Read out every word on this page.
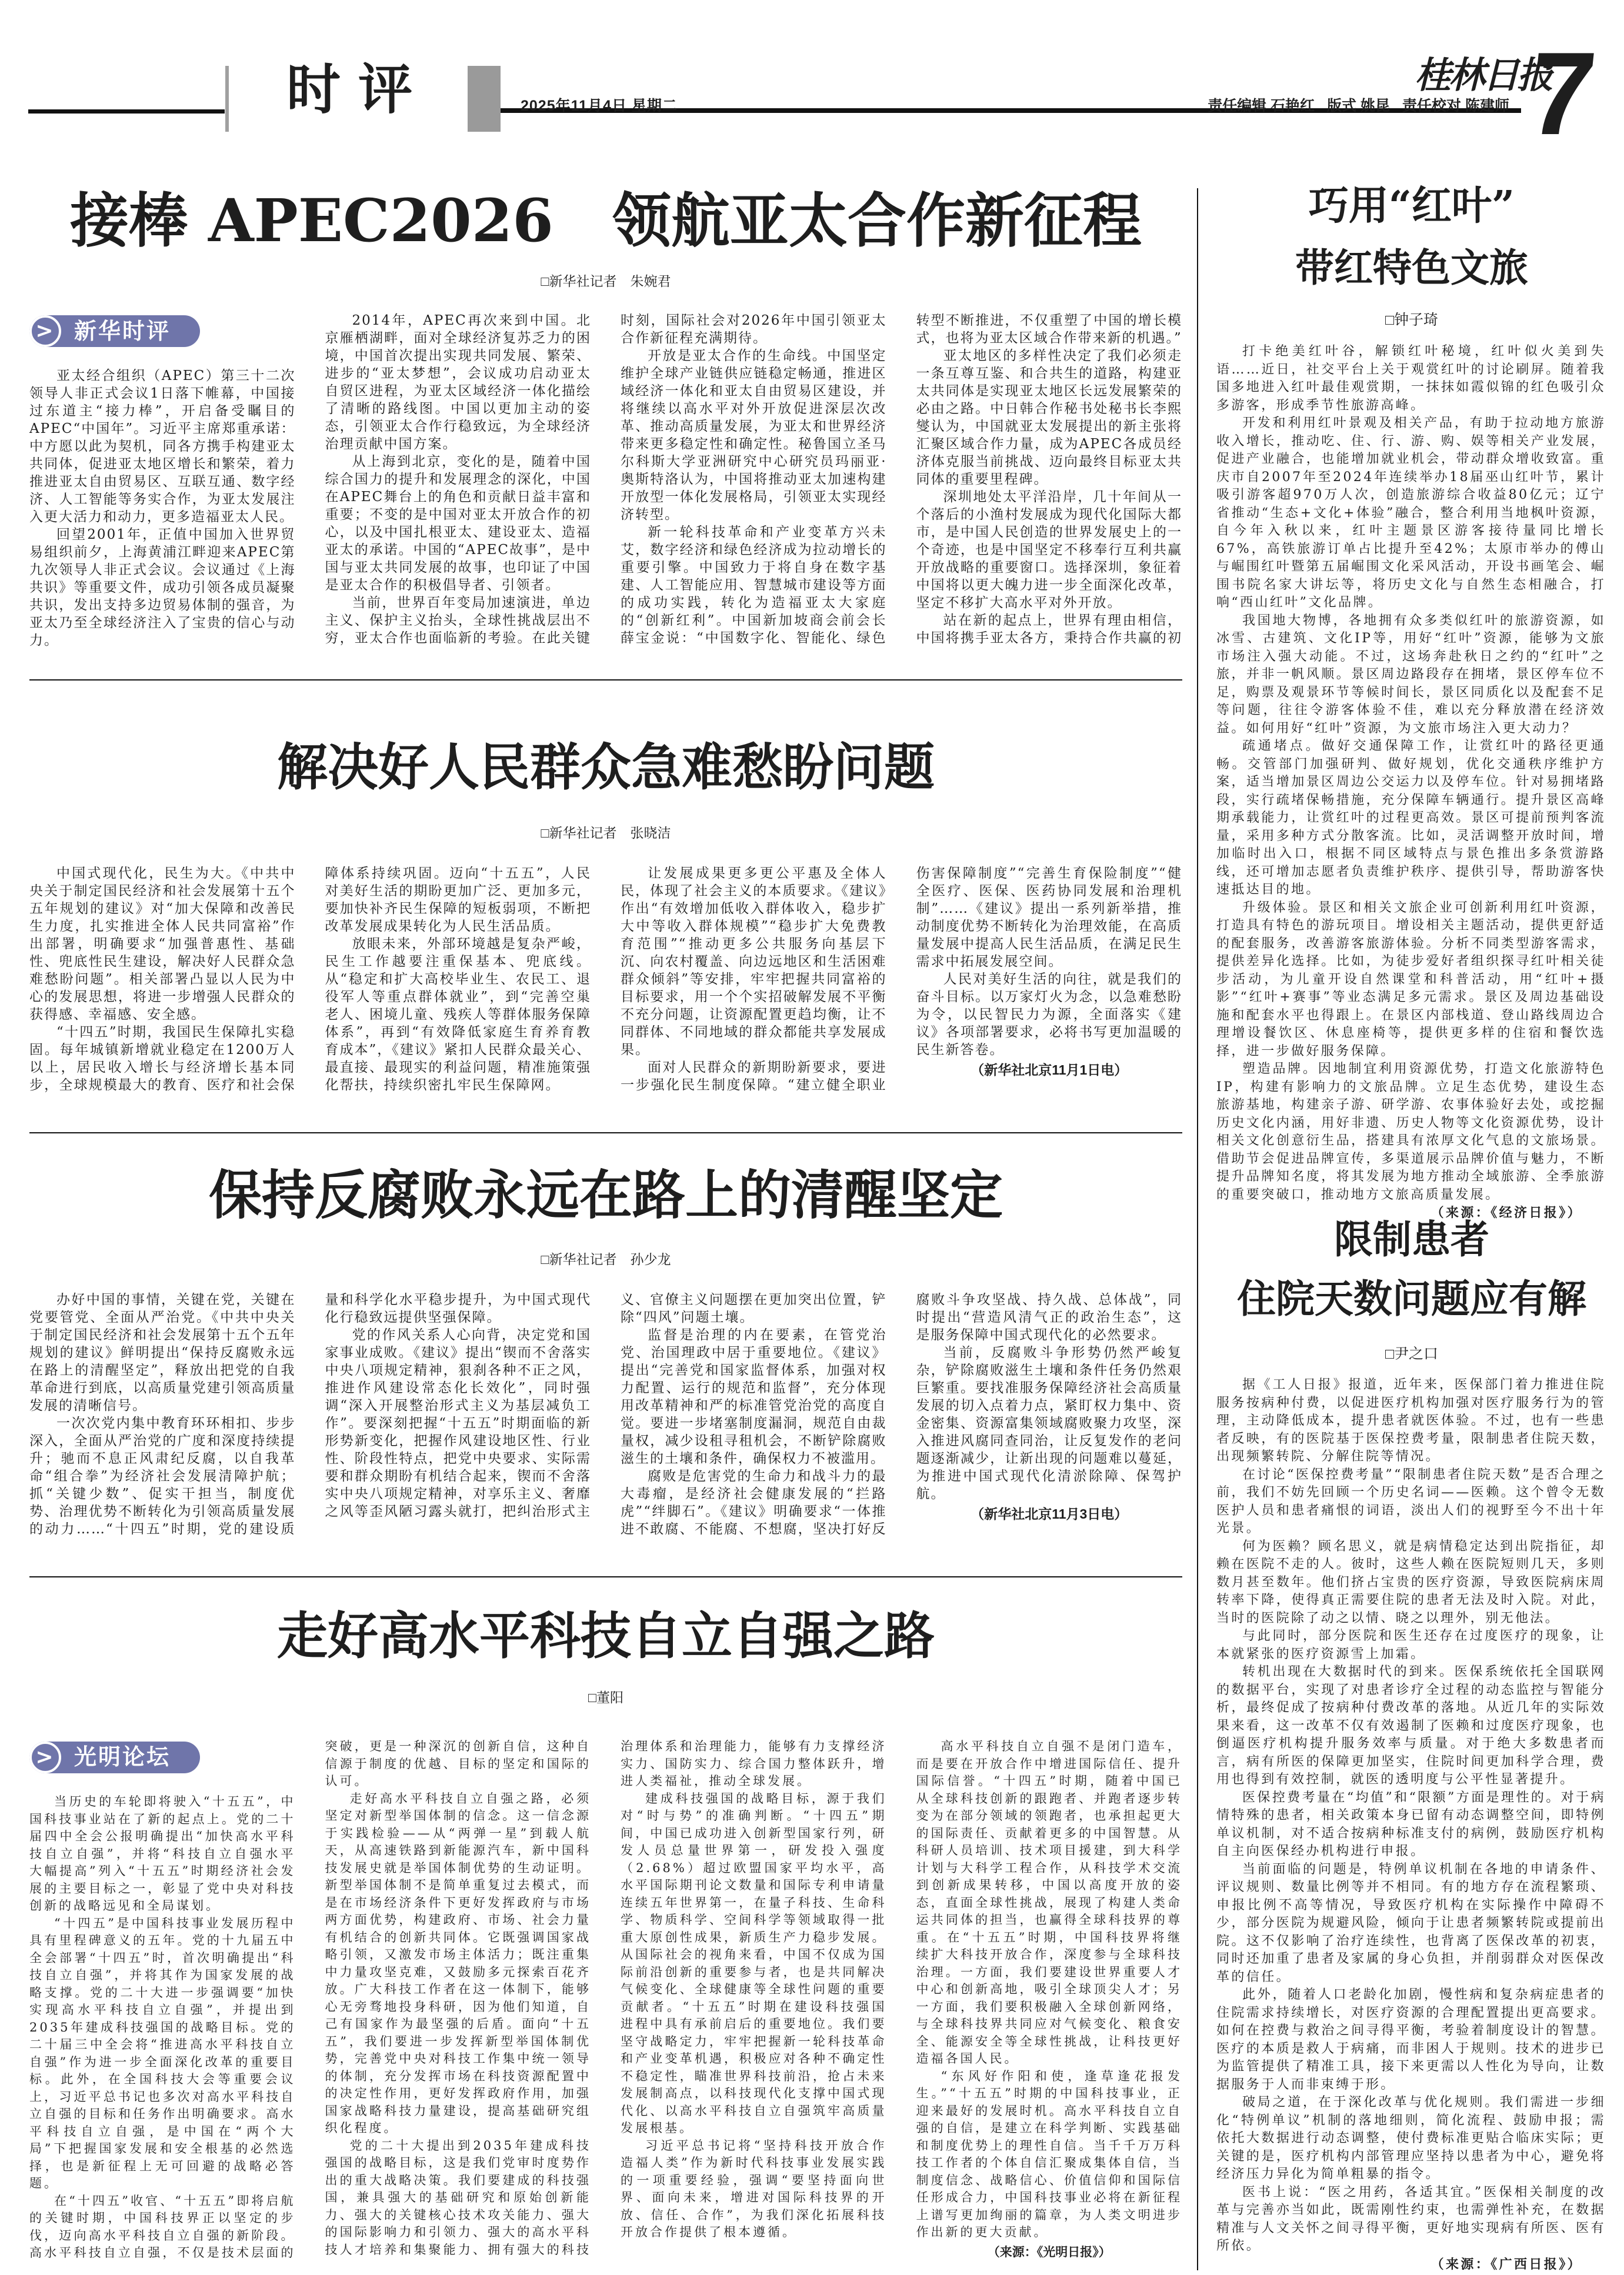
时评	2025年11月4日 星期二	责任编辑 石艳红 版式 姚昆 责任校对 陈建师
桂林日报
7
接棒 APEC2026　领航亚太合作新征程
□新华社记者　朱婉君
> 新华时评

亚太经合组织（APEC）第三十二次领导人非正式会议1日落下帷幕，中国接过东道主“接力棒”，开启备受瞩目的APEC“中国年”。习近平主席郑重承诺：中方愿以此为契机，同各方携手构建亚太共同体，促进亚太地区增长和繁荣，着力推进亚太自由贸易区、互联互通、数字经济、人工智能等务实合作，为亚太发展注入更大活力和动力，更多造福亚太人民。

回望2001年，正值中国加入世界贸易组织前夕，上海黄浦江畔迎来APEC第九次领导人非正式会议。会议通过《上海共识》等重要文件，成功引领各成员凝聚共识，发出支持多边贸易体制的强音，为亚太乃至全球经济注入了宝贵的信心与动力。

2014年，APEC再次来到中国。北京雁栖湖畔，面对全球经济复苏乏力的困境，中国首次提出实现共同发展、繁荣、进步的“亚太梦想”，会议成功启动亚太自贸区进程，为亚太区域经济一体化描绘了清晰的路线图。中国以更加主动的姿态，引领亚太合作行稳致远，为全球经济治理贡献中国方案。

从上海到北京，变化的是，随着中国综合国力的提升和发展理念的深化，中国在APEC舞台上的角色和贡献日益丰富和重要；不变的是中国对亚太开放合作的初心，以及中国扎根亚太、建设亚太、造福亚太的承诺。中国的“APEC故事”，是中国与亚太共同发展的故事，也印证了中国是亚太合作的积极倡导者、引领者。

当前，世界百年变局加速演进，单边主义、保护主义抬头，全球性挑战层出不穷，亚太合作也面临新的考验。在此关键时刻，国际社会对2026年中国引领亚太合作新征程充满期待。

开放是亚太合作的生命线。中国坚定维护全球产业链供应链稳定畅通，推进区域经济一体化和亚太自由贸易区建设，并将继续以高水平对外开放促进深层次改革、推动高质量发展，为亚太和世界经济带来更多稳定性和确定性。秘鲁国立圣马尔科斯大学亚洲研究中心研究员玛丽亚·奥斯特洛认为，中国将推动亚太加速构建开放型一体化发展格局，引领亚太实现经济转型。

新一轮科技革命和产业变革方兴未艾，数字经济和绿色经济成为拉动增长的重要引擎。中国致力于将自身在数字基建、人工智能应用、智慧城市建设等方面的成功实践，转化为造福亚太大家庭的“创新红利”。中国新加坡商会前会长薛宝金说：“中国数字化、智能化、绿色转型不断推进，不仅重塑了中国的增长模式，也将为亚太区域合作带来新的机遇。”

亚太地区的多样性决定了我们必须走一条互尊互鉴、和合共生的道路，构建亚太共同体是实现亚太地区长远发展繁荣的必由之路。中日韩合作秘书处秘书长李熙燮认为，中国就亚太发展提出的新主张将汇聚区域合作力量，成为APEC各成员经济体克服当前挑战、迈向最终目标亚太共同体的重要里程碑。

深圳地处太平洋沿岸，几十年间从一个落后的小渔村发展成为现代化国际大都市，是中国人民创造的世界发展史上的一个奇迹，也是中国坚定不移奉行互利共赢开放战略的重要窗口。选择深圳，象征着中国将以更大魄力进一步全面深化改革，坚定不移扩大高水平对外开放。

站在新的起点上，世界有理由相信，中国将携手亚太各方，秉持合作共赢的初

解决好人民群众急难愁盼问题
□新华社记者　张晓洁

中国式现代化，民生为大。《中共中央关于制定国民经济和社会发展第十五个五年规划的建议》对“加大保障和改善民生力度，扎实推进全体人民共同富裕”作出部署，明确要求“加强普惠性、基础性、兜底性民生建设，解决好人民群众急难愁盼问题”。相关部署凸显以人民为中心的发展思想，将进一步增强人民群众的获得感、幸福感、安全感。

“十四五”时期，我国民生保障扎实稳固。每年城镇新增就业稳定在1200万人以上，居民收入增长与经济增长基本同步，全球规模最大的教育、医疗和社会保障体系持续巩固。迈向“十五五”，人民对美好生活的期盼更加广泛、更加多元，要加快补齐民生保障的短板弱项，不断把改革发展成果转化为人民生活品质。

放眼未来，外部环境越是复杂严峻，民生工作越要注重保基本、兜底线。从“稳定和扩大高校毕业生、农民工、退役军人等重点群体就业”，到“完善空巢老人、困境儿童、残疾人等群体服务保障体系”，再到“有效降低家庭生育养育教育成本”，《建议》紧扣人民群众最关心、最直接、最现实的利益问题，精准施策强化帮扶，持续织密扎牢民生保障网。

让发展成果更多更公平惠及全体人民，体现了社会主义的本质要求。《建议》作出“有效增加低收入群体收入，稳步扩大中等收入群体规模”“稳步扩大免费教育范围”“推动更多公共服务向基层下沉、向农村覆盖、向边远地区和生活困难群众倾斜”等安排，牢牢把握共同富裕的目标要求，用一个个实招破解发展不平衡不充分问题，让资源配置更趋均衡，让不同群体、不同地域的群众都能共享发展成果。

面对人民群众的新期盼新要求，要进一步强化民生制度保障。“建立健全职业伤害保障制度”“完善生育保险制度”“健全医疗、医保、医药协同发展和治理机制”……《建议》提出一系列新举措，推动制度优势不断转化为治理效能，在高质量发展中提高人民生活品质，在满足民生需求中拓展发展空间。

人民对美好生活的向往，就是我们的奋斗目标。以万家灯火为念，以急难愁盼为令，以民智民力为源，全面落实《建议》各项部署要求，必将书写更加温暖的民生新答卷。

（新华社北京11月1日电）
保持反腐败永远在路上的清醒坚定
□新华社记者　孙少龙

办好中国的事情，关键在党，关键在党要管党、全面从严治党。《中共中央关于制定国民经济和社会发展第十五个五年规划的建议》鲜明提出“保持反腐败永远在路上的清醒坚定”，释放出把党的自我革命进行到底，以高质量党建引领高质量发展的清晰信号。

一次次党内集中教育环环相扣、步步深入，全面从严治党的广度和深度持续提升；驰而不息正风肃纪反腐，以自我革命“组合拳”为经济社会发展清障护航；抓“关键少数”、促实干担当，制度优势、治理优势不断转化为引领高质量发展的动力……“十四五”时期，党的建设质量和科学化水平稳步提升，为中国式现代化行稳致远提供坚强保障。

党的作风关系人心向背，决定党和国家事业成败。《建议》提出“锲而不舍落实中央八项规定精神，狠刹各种不正之风，推进作风建设常态化长效化”，同时强调“深入开展整治形式主义为基层减负工作”。要深刻把握“十五五”时期面临的新形势新变化，把握作风建设地区性、行业性、阶段性特点，把党中央要求、实际需要和群众期盼有机结合起来，锲而不舍落实中央八项规定精神，对享乐主义、奢靡之风等歪风陋习露头就打，把纠治形式主义、官僚主义问题摆在更加突出位置，铲除“四风”问题土壤。

监督是治理的内在要素，在管党治党、治国理政中居于重要地位。《建议》提出“完善党和国家监督体系，加强对权力配置、运行的规范和监督”，充分体现用改革精神和严的标准管党治党的高度自觉。要进一步堵塞制度漏洞，规范自由裁量权，减少设租寻租机会，不断铲除腐败滋生的土壤和条件，确保权力不被滥用。

腐败是危害党的生命力和战斗力的最大毒瘤，是经济社会健康发展的“拦路虎”“绊脚石”。《建议》明确要求“一体推进不敢腐、不能腐、不想腐，坚决打好反腐败斗争攻坚战、持久战、总体战”，同时提出“营造风清气正的政治生态”，这是服务保障中国式现代化的必然要求。

当前，反腐败斗争形势仍然严峻复杂，铲除腐败滋生土壤和条件任务仍然艰巨繁重。要找准服务保障经济社会高质量发展的切入点着力点，紧盯权力集中、资金密集、资源富集领域腐败聚力攻坚，深入推进风腐同查同治，让反复发作的老问题逐渐减少，让新出现的问题难以蔓延，为推进中国式现代化清淤除障、保驾护航。

（新华社北京11月3日电）
走好高水平科技自立自强之路
□董阳
> 光明论坛

当历史的车轮即将驶入“十五五”，中国科技事业站在了新的起点上。党的二十届四中全会公报明确提出“加快高水平科技自立自强”，并将“科技自立自强水平大幅提高”列入“十五五”时期经济社会发展的主要目标之一，彰显了党中央对科技创新的战略远见和全局谋划。

“十四五”是中国科技事业发展历程中具有里程碑意义的五年。党的十九届五中全会部署“十四五”时，首次明确提出“科技自立自强”，并将其作为国家发展的战略支撑。党的二十大进一步强调要“加快实现高水平科技自立自强”，并提出到2035年建成科技强国的战略目标。党的二十届三中全会将“推进高水平科技自立自强”作为进一步全面深化改革的重要目标。此外，在全国科技大会等重要会议上，习近平总书记也多次对高水平科技自立自强的目标和任务作出明确要求。高水平科技自立自强，是中国在“两个大局”下把握国家发展和安全根基的必然选择，也是新征程上无可回避的战略必答题。

在“十四五”收官、“十五五”即将启航的关键时期，中国科技界正以坚定的步伐，迈向高水平科技自立自强的新阶段。高水平科技自立自强，不仅是技术层面的突破，更是一种深沉的创新自信，这种自信源于制度的优越、目标的坚定和国际的认可。

走好高水平科技自立自强之路，必须坚定对新型举国体制的信念。这一信念源于实践检验——从“两弹一星”到载人航天，从高速铁路到新能源汽车，新中国科技发展史就是举国体制优势的生动证明。新型举国体制不是简单重复过去模式，而是在市场经济条件下更好发挥政府与市场两方面优势，构建政府、市场、社会力量有机结合的创新共同体。它既强调国家战略引领，又激发市场主体活力；既注重集中力量攻坚克难，又鼓励多元探索百花齐放。广大科技工作者在这一体制下，能够心无旁骛地投身科研，因为他们知道，自己有国家作为最坚强的后盾。面向“十五五”，我们要进一步发挥新型举国体制优势，完善党中央对科技工作集中统一领导的体制，充分发挥市场在科技资源配置中的决定性作用，更好发挥政府作用，加强国家战略科技力量建设，提高基础研究组织化程度。

党的二十大提出到2035年建成科技强国的战略目标，这是我们党审时度势作出的重大战略决策。我们要建成的科技强国，兼具强大的基础研究和原始创新能力、强大的关键核心技术攻关能力、强大的国际影响力和引领力、强大的高水平科技人才培养和集聚能力、拥有强大的科技治理体系和治理能力，能够有力支撑经济实力、国防实力、综合国力整体跃升，增进人类福祉，推动全球发展。

建成科技强国的战略目标，源于我们对“时与势”的准确判断。“十四五”期间，中国已成功进入创新型国家行列，研发人员总量世界第一，研发投入强度（2.68%）超过欧盟国家平均水平，高水平国际期刊论文数量和国际专利申请量连续五年世界第一，在量子科技、生命科学、物质科学、空间科学等领域取得一批重大原创性成果，新质生产力稳步发展。从国际社会的视角来看，中国不仅成为国际前沿创新的重要参与者，也是共同解决气候变化、全球健康等全球性问题的重要贡献者。“十五五”时期在建设科技强国进程中具有承前启后的重要地位。我们要坚守战略定力，牢牢把握新一轮科技革命和产业变革机遇，积极应对各种不确定性不稳定性，瞄准世界科技前沿，抢占未来发展制高点，以科技现代化支撑中国式现代化、以高水平科技自立自强筑牢高质量发展根基。

习近平总书记将“坚持科技开放合作造福人类”作为新时代科技事业发展实践的一项重要经验，强调“要坚持面向世界、面向未来，增进对国际科技界的开放、信任、合作”，为我们深化拓展科技开放合作提供了根本遵循。

高水平科技自立自强不是闭门造车，而是要在开放合作中增进国际信任、提升国际信誉。“十四五”时期，随着中国已从全球科技创新的跟跑者、并跑者逐步转变为在部分领域的领跑者，也承担起更大的国际责任、贡献着更多的中国智慧。从科研人员培训、技术项目援建，到大科学计划与大科学工程合作，从科技学术交流到创新成果转移，中国以高度开放的姿态，直面全球性挑战，展现了构建人类命运共同体的担当，也赢得全球科技界的尊重。在“十五五”时期，中国科技界将继续扩大科技开放合作，深度参与全球科技治理。一方面，我们要建设世界重要人才中心和创新高地，吸引全球顶尖人才；另一方面，我们要积极融入全球创新网络，与全球科技界共同应对气候变化、粮食安全、能源安全等全球性挑战，让科技更好造福各国人民。

“东风好作阳和使，逢草逢花报发生。”“十五五”时期的中国科技事业，正迎来最好的发展时机。高水平科技自立自强的自信，是建立在科学判断、实践基础和制度优势上的理性自信。当千千万万科技工作者的个体自信汇聚成集体自信，当制度信念、战略信心、价值信仰和国际信任形成合力，中国科技事业必将在新征程上谱写更加绚丽的篇章，为人类文明进步作出新的更大贡献。

（来源：《光明日报》）
巧用“红叶”
带红特色文旅
□钟子琦

打卡绝美红叶谷，解锁红叶秘境，红叶似火美到失语……近日，社交平台上关于观赏红叶的讨论刷屏。随着我国多地进入红叶最佳观赏期，一抹抹如霞似锦的红色吸引众多游客，形成季节性旅游高峰。

开发和利用红叶景观及相关产品，有助于拉动地方旅游收入增长，推动吃、住、行、游、购、娱等相关产业发展，促进产业融合，也能增加就业机会，带动群众增收致富。重庆市自2007年至2024年连续举办18届巫山红叶节，累计吸引游客超970万人次，创造旅游综合收益80亿元；辽宁省推动“生态+文化+体验”融合，整合利用当地枫叶资源，自今年入秋以来，红叶主题景区游客接待量同比增长67%，高铁旅游订单占比提升至42%；太原市举办的傅山与崛围红叶暨第五届崛围文化采风活动，开设书画笔会、崛围书院名家大讲坛等，将历史文化与自然生态相融合，打响“西山红叶”文化品牌。

我国地大物博，各地拥有众多类似红叶的旅游资源，如冰雪、古建筑、文化IP等，用好“红叶”资源，能够为文旅市场注入强大动能。不过，这场奔赴秋日之约的“红叶”之旅，并非一帆风顺。景区周边路段存在拥堵，景区停车位不足，购票及观景环节等候时间长，景区同质化以及配套不足等问题，往往令游客体验不佳，难以充分释放潜在经济效益。如何用好“红叶”资源，为文旅市场注入更大动力？

疏通堵点。做好交通保障工作，让赏红叶的路径更通畅。交管部门加强研判、做好规划，优化交通秩序维护方案，适当增加景区周边公交运力以及停车位。针对易拥堵路段，实行疏堵保畅措施，充分保障车辆通行。提升景区高峰期承载能力，让赏红叶的过程更高效。景区可提前预判客流量，采用多种方式分散客流。比如，灵活调整开放时间，增加临时出入口，根据不同区域特点与景色推出多条赏游路线，还可增加志愿者负责维护秩序、提供引导，帮助游客快速抵达目的地。

升级体验。景区和相关文旅企业可创新利用红叶资源，打造具有特色的游玩项目。增设相关主题活动，提供更舒适的配套服务，改善游客旅游体验。分析不同类型游客需求，提供差异化选择。比如，为徒步爱好者组织探寻红叶相关徒步活动，为儿童开设自然课堂和科普活动，用“红叶+摄影”“红叶+赛事”等业态满足多元需求。景区及周边基础设施和配套水平也得跟上。在景区内部栈道、登山路线周边合理增设餐饮区、休息座椅等，提供更多样的住宿和餐饮选择，进一步做好服务保障。

塑造品牌。因地制宜利用资源优势，打造文化旅游特色IP，构建有影响力的文旅品牌。立足生态优势，建设生态旅游基地，构建亲子游、研学游、农事体验好去处，或挖掘历史文化内涵，用好非遗、历史人物等文化资源优势，设计相关文化创意衍生品，搭建具有浓厚文化气息的文旅场景。借助节会促进品牌宣传，多渠道展示品牌价值与魅力，不断提升品牌知名度，将其发展为地方推动全域旅游、全季旅游的重要突破口，推动地方文旅高质量发展。

（来源：《经济日报》）
限制患者
住院天数问题应有解
□尹之口

据《工人日报》报道，近年来，医保部门着力推进住院服务按病种付费，以促进医疗机构加强对医疗服务行为的管理，主动降低成本，提升患者就医体验。不过，也有一些患者反映，有的医院基于医保控费考量，限制患者住院天数，出现频繁转院、分解住院等情况。

在讨论“医保控费考量”“限制患者住院天数”是否合理之前，我们不妨先回顾一个历史名词——医赖。这个曾令无数医护人员和患者痛恨的词语，淡出人们的视野至今不出十年光景。

何为医赖？顾名思义，就是病情稳定达到出院指征，却赖在医院不走的人。彼时，这些人赖在医院短则几天，多则数月甚至数年。他们挤占宝贵的医疗资源，导致医院病床周转率下降，使得真正需要住院的患者无法及时入院。对此，当时的医院除了动之以情、晓之以理外，别无他法。

与此同时，部分医院和医生还存在过度医疗的现象，让本就紧张的医疗资源雪上加霜。

转机出现在大数据时代的到来。医保系统依托全国联网的数据平台，实现了对患者诊疗全过程的动态监控与智能分析，最终促成了按病种付费改革的落地。从近几年的实际效果来看，这一改革不仅有效遏制了医赖和过度医疗现象，也倒逼医疗机构提升服务效率与质量。对于绝大多数患者而言，病有所医的保障更加坚实，住院时间更加科学合理，费用也得到有效控制，就医的透明度与公平性显著提升。

医保控费考量在“均值”和“限额”方面是理性的。对于病情特殊的患者，相关政策本身已留有动态调整空间，即特例单议机制，对不适合按病种标准支付的病例，鼓励医疗机构自主向医保经办机构进行申报。

当前面临的问题是，特例单议机制在各地的申请条件、评议规则、数量比例等并不相同。有的地方存在流程繁琐、申报比例不高等情况，导致医疗机构在实际操作中障碍不少，部分医院为规避风险，倾向于让患者频繁转院或提前出院。这不仅影响了治疗连续性，也背离了医保改革的初衷，同时还加重了患者及家属的身心负担，并削弱群众对医保改革的信任。

此外，随着人口老龄化加剧，慢性病和复杂病症患者的住院需求持续增长，对医疗资源的合理配置提出更高要求。如何在控费与救治之间寻得平衡，考验着制度设计的智慧。医疗的本质是救人于病痛，而非困人于规则。技术的进步已为监管提供了精准工具，接下来更需以人性化为导向，让数据服务于人而非束缚于形。

破局之道，在于深化改革与优化规则。我们需进一步细化“特例单议”机制的落地细则，简化流程、鼓励申报；需依托大数据进行动态调整，使付费标准更贴合临床实际；更关键的是，医疗机构内部管理应坚持以患者为中心，避免将经济压力异化为简单粗暴的指令。

医书上说：“医之用药，各适其宜。”医保相关制度的改革与完善亦当如此，既需刚性约束，也需弹性补充，在数据精准与人文关怀之间寻得平衡，更好地实现病有所医、医有所依。

（来源：《广西日报》）
